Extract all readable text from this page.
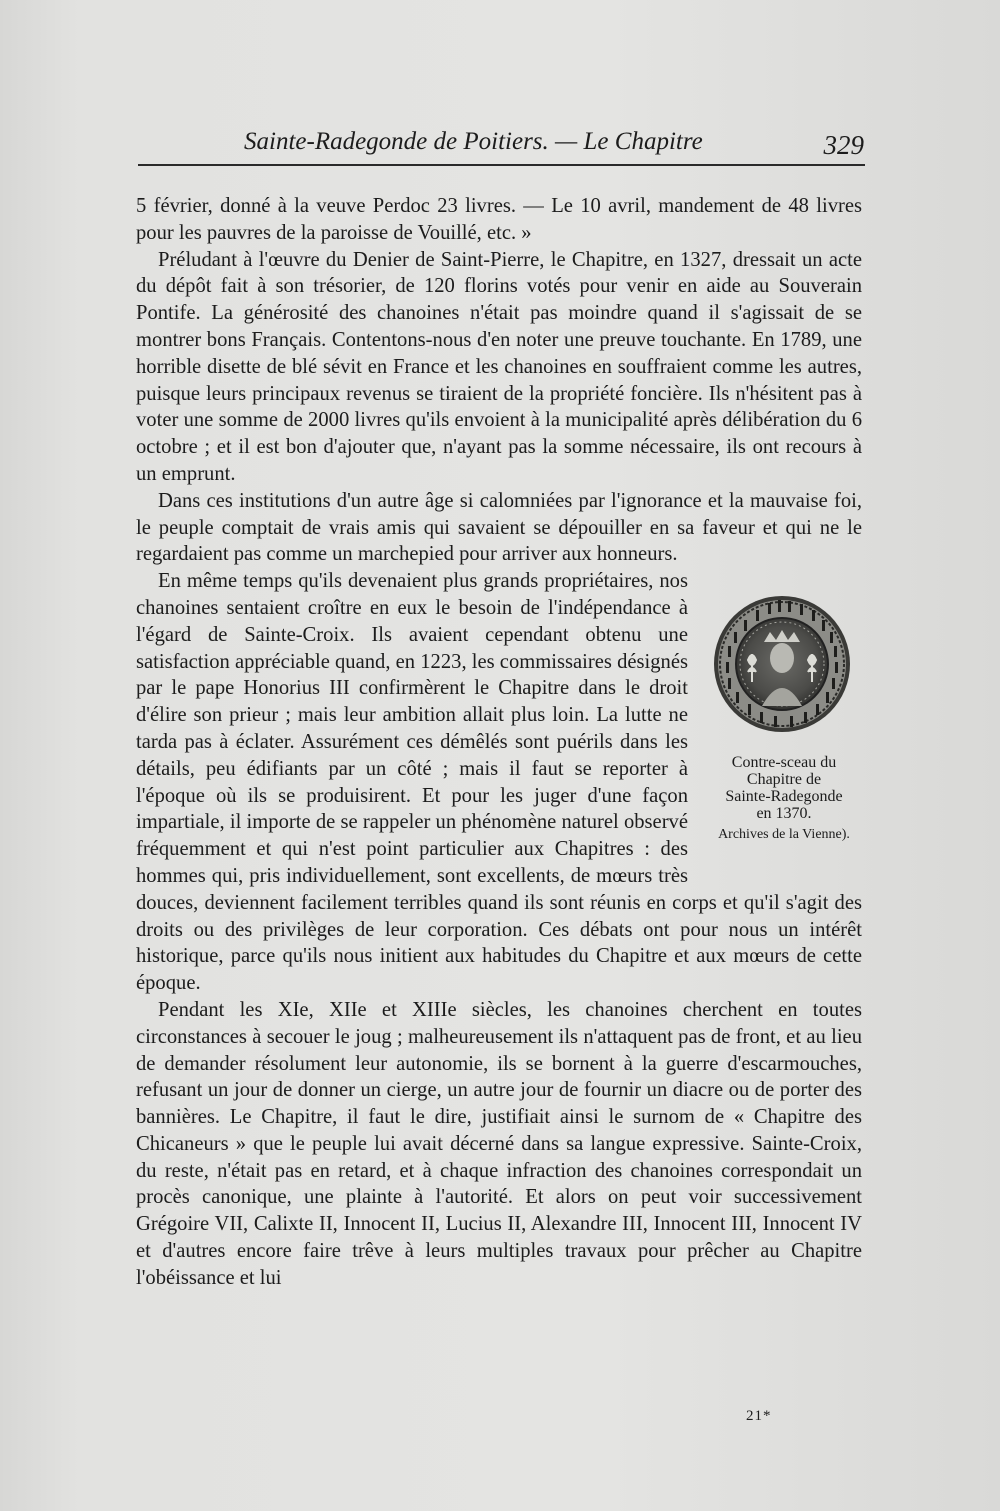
Sainte-Radegonde de Poitiers. — Le Chapitre	329

5 février, donné à la veuve Perdoc 23 livres. — Le 10 avril, mandement de 48 livres pour les pauvres de la paroisse de Vouillé, etc. »

Préludant à l'œuvre du Denier de Saint-Pierre, le Chapitre, en 1327, dressait un acte du dépôt fait à son trésorier, de 120 florins votés pour venir en aide au Souverain Pontife. La générosité des chanoines n'était pas moindre quand il s'agissait de se montrer bons Français. Contentons-nous d'en noter une preuve touchante. En 1789, une horrible disette de blé sévit en France et les chanoines en souffraient comme les autres, puisque leurs principaux revenus se tiraient de la propriété foncière. Ils n'hésitent pas à voter une somme de 2000 livres qu'ils envoient à la municipalité après délibération du 6 octobre ; et il est bon d'ajouter que, n'ayant pas la somme nécessaire, ils ont recours à un emprunt.

Dans ces institutions d'un autre âge si calomniées par l'ignorance et la mauvaise foi, le peuple comptait de vrais amis qui savaient se dépouiller en sa faveur et qui ne le regardaient pas comme un marchepied pour arriver aux honneurs.

Contre-sceau du
Chapitre de
Sainte-Radegonde
en 1370.
Archives de la Vienne).

En même temps qu'ils devenaient plus grands propriétaires, nos chanoines sentaient croître en eux le besoin de l'indépendance à l'égard de Sainte-Croix. Ils avaient cependant obtenu une satisfaction appréciable quand, en 1223, les commissaires désignés par le pape Honorius III confirmèrent le Chapitre dans le droit d'élire son prieur ; mais leur ambition allait plus loin. La lutte ne tarda pas à éclater. Assurément ces démêlés sont puérils dans les détails, peu édifiants par un côté ; mais il faut se reporter à l'époque où ils se produisirent. Et pour les juger d'une façon impartiale, il importe de se rappeler un phénomène naturel observé fréquemment et qui n'est point particulier aux Chapitres : des hommes qui, pris individuellement, sont excellents, de mœurs très douces, deviennent facilement terribles quand ils sont réunis en corps et qu'il s'agit des droits ou des privilèges de leur corporation. Ces débats ont pour nous un intérêt historique, parce qu'ils nous initient aux habitudes du Chapitre et aux mœurs de cette époque.

Pendant les XIe, XIIe et XIIIe siècles, les chanoines cherchent en toutes circonstances à secouer le joug ; malheureusement ils n'attaquent pas de front, et au lieu de demander résolument leur autonomie, ils se bornent à la guerre d'escarmouches, refusant un jour de donner un cierge, un autre jour de fournir un diacre ou de porter des bannières. Le Chapitre, il faut le dire, justifiait ainsi le surnom de « Chapitre des Chicaneurs » que le peuple lui avait décerné dans sa langue expressive. Sainte-Croix, du reste, n'était pas en retard, et à chaque infraction des chanoines correspondait un procès canonique, une plainte à l'autorité. Et alors on peut voir successivement Grégoire VII, Calixte II, Innocent II, Lucius II, Alexandre III, Innocent III, Innocent IV et d'autres encore faire trêve à leurs multiples travaux pour prêcher au Chapitre l'obéissance et lui

21*
